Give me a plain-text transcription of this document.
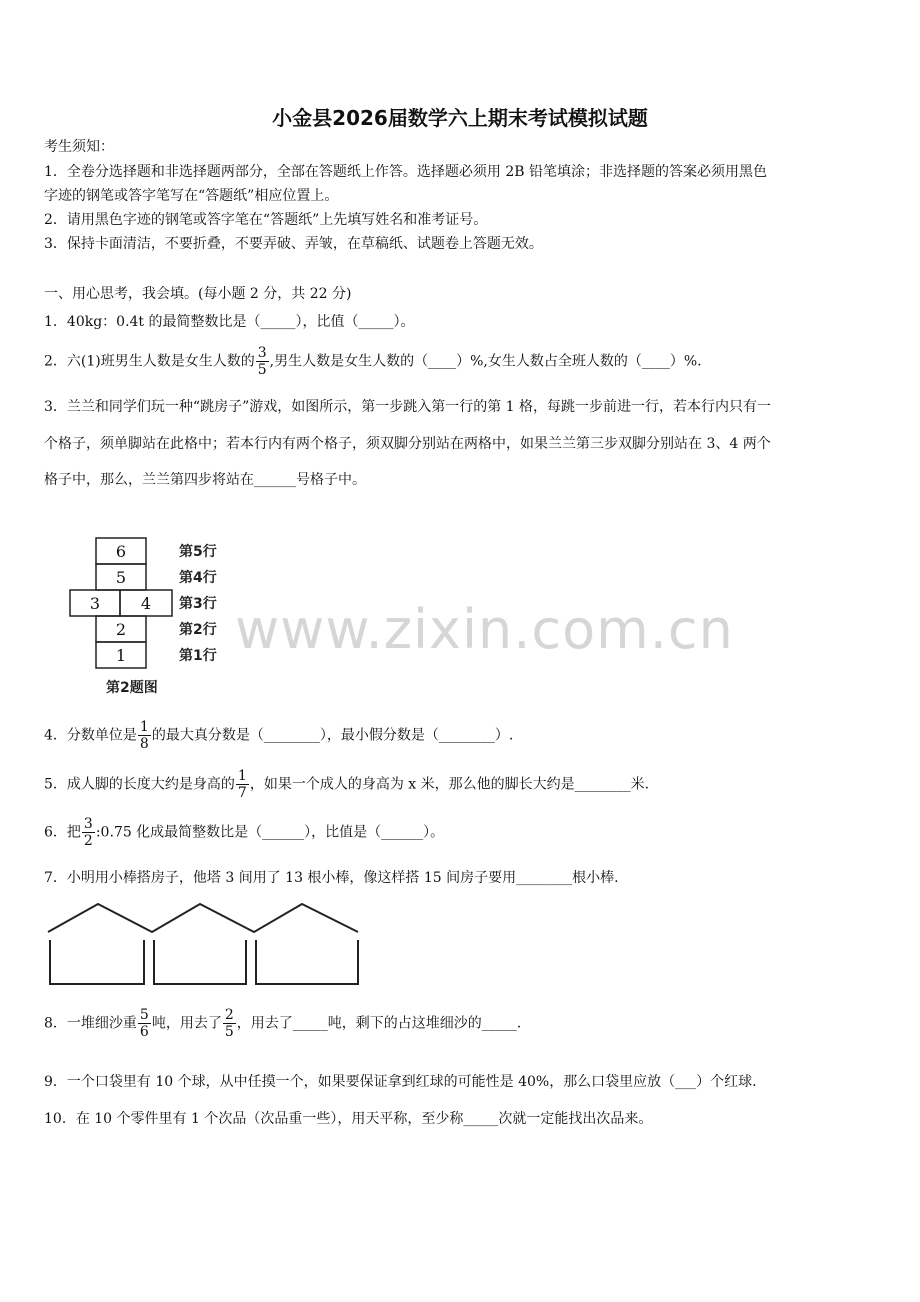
小金县2026届数学六上期末考试模拟试题
考生须知：
1．全卷分选择题和非选择题两部分，全部在答题纸上作答。选择题必须用 2B 铅笔填涂；非选择题的答案必须用黑色
字迹的钢笔或答字笔写在“答题纸”相应位置上。
2．请用黑色字迹的钢笔或答字笔在“答题纸”上先填写姓名和准考证号。
3．保持卡面清洁，不要折叠，不要弄破、弄皱，在草稿纸、试题卷上答题无效。
一、用心思考，我会填。(每小题 2 分，共 22 分)
1．40kg：0.4t 的最简整数比是（_____），比值（_____）。
2．六(1)班男生人数是女生人数的 $\frac{3}{5}$ ,男生人数是女生人数的（____）%,女生人数占全班人数的（____）%.
3．兰兰和同学们玩一种“跳房子”游戏，如图所示，第一步跳入第一行的第 1 格，每跳一步前进一行，若本行内只有一
个格子，须单脚站在此格中；若本行内有两个格子，须双脚分别站在两格中，如果兰兰第三步双脚分别站在 3、4 两个
格子中，那么，兰兰第四步将站在______号格子中。
6
5
3	4
2
1
第5行
第4行
第3行
第2行
第1行
第2题图
www.zixin.com.cn
4．分数单位是 $\frac{1}{8}$ 的最大真分数是（________），最小假分数是（________）.
5．成人脚的长度大约是身高的 $\frac{1}{7}$ ，如果一个成人的身高为 x 米，那么他的脚长大约是________米.
6．把 $\frac{3}{2}$ :0.75 化成最简整数比是（______），比值是（______）。
7．小明用小棒搭房子，他塔 3 间用了 13 根小棒，像这样搭 15 间房子要用________根小棒.
8．一堆细沙重 $\frac{5}{6}$ 吨，用去了 $\frac{2}{5}$ ，用去了_____吨，剩下的占这堆细沙的_____.
9．一个口袋里有 10 个球，从中任摸一个，如果要保证拿到红球的可能性是 40%，那么口袋里应放（___）个红球.
10．在 10 个零件里有 1 个次品（次品重一些），用天平称，至少称_____次就一定能找出次品来。
